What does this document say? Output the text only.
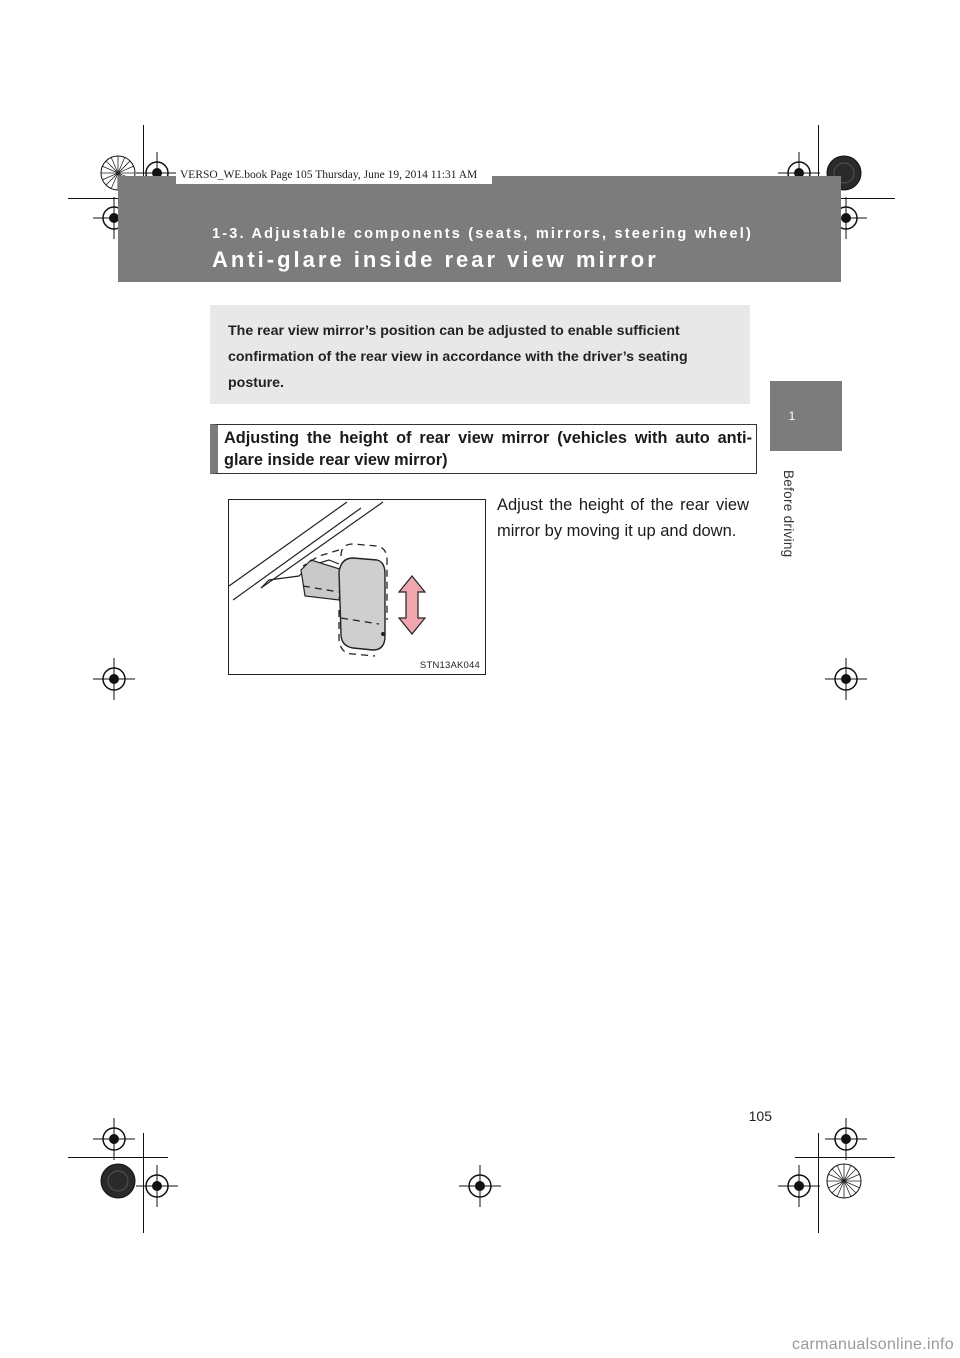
1-3. Adjustable components (seats, mirrors, steering wheel)
Anti-glare inside rear view mirror
VERSO_WE.book Page 105 Thursday, June 19, 2014 11:31 AM
1
Before driving
The rear view mirror’s position can be adjusted to enable sufficient confirmation of the rear view in accordance with the driver’s seating posture.
Adjusting the height of rear view mirror (vehicles with auto anti-glare inside rear view mirror)
STN13AK044
Adjust the height of the rear view mirror by moving it up and down.
105
carmanualsonline.info
